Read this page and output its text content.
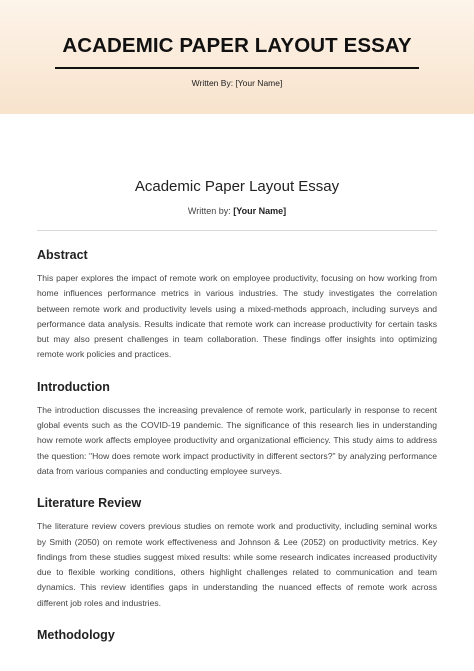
ACADEMIC PAPER LAYOUT ESSAY
Written By: [Your Name]
Academic Paper Layout Essay
Written by: [Your Name]
Abstract

This paper explores the impact of remote work on employee productivity, focusing on how working from home influences performance metrics in various industries. The study investigates the correlation between remote work and productivity levels using a mixed-methods approach, including surveys and performance data analysis. Results indicate that remote work can increase productivity for certain tasks but may also present challenges in team collaboration. These findings offer insights into optimizing remote work policies and practices.

Introduction

The introduction discusses the increasing prevalence of remote work, particularly in response to recent global events such as the COVID-19 pandemic. The significance of this research lies in understanding how remote work affects employee productivity and organizational efficiency. This study aims to address the question: "How does remote work impact productivity in different sectors?" by analyzing performance data from various companies and conducting employee surveys.

Literature Review

The literature review covers previous studies on remote work and productivity, including seminal works by Smith (2050) on remote work effectiveness and Johnson & Lee (2052) on productivity metrics. Key findings from these studies suggest mixed results: while some research indicates increased productivity due to flexible working conditions, others highlight challenges related to communication and team dynamics. This review identifies gaps in understanding the nuanced effects of remote work across different job roles and industries.

Methodology
